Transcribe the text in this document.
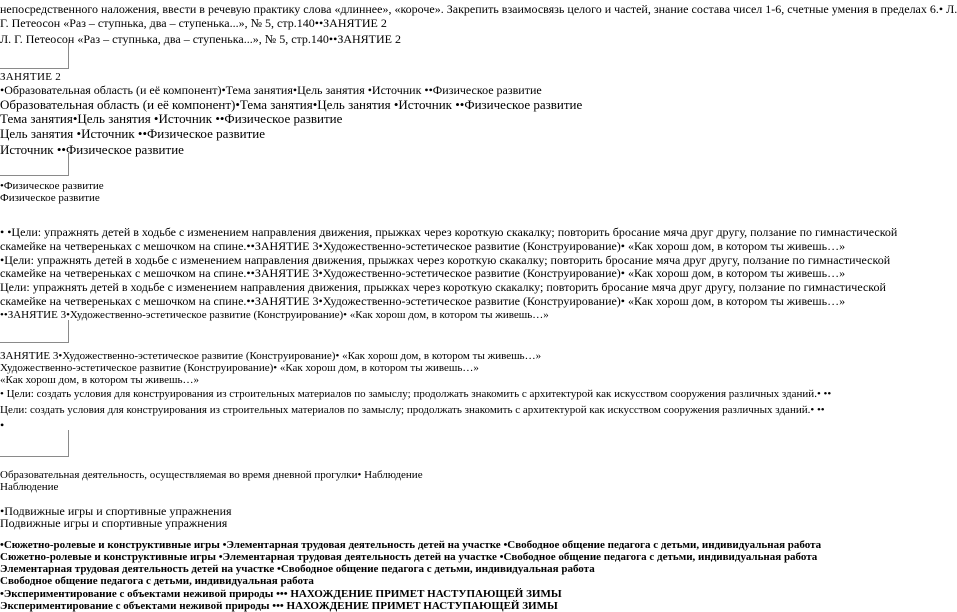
непосредственного наложения, ввести в речевую практику слова «длиннее», «короче». Закрепить взаимосвязь целого и частей, знание состава чисел 1-6, счетные умения в пределах 6.• Л.
Г. Петеосон «Раз – ступнька, два – ступенька...», № 5, стр.140••ЗАНЯТИЕ 2
Л. Г. Петеосон «Раз – ступнька, два – ступенька...», № 5, стр.140••ЗАНЯТИЕ 2
ЗАНЯТИЕ 2
•Образовательная область (и её компонент)•Тема занятия•Цель занятия •Источник ••Физическое развитие
Образовательная область (и её компонент)•Тема занятия•Цель занятия •Источник ••Физическое развитие
Тема занятия•Цель занятия •Источник ••Физическое развитие
Цель занятия •Источник ••Физическое развитие
Источник ••Физическое развитие
•Физическое развитие
Физическое развитие
• •Цели: упражнять детей в ходьбе с изменением направления движения, прыжках через короткую скакалку; повторить бросание мяча друг другу, ползание по гимнастической
скамейке на четвереньках с мешочком на спине.••ЗАНЯТИЕ 3•Художественно-эстетическое развитие (Конструирование)• «Как хорош дом, в котором ты живешь…»
•Цели: упражнять детей в ходьбе с изменением направления движения, прыжках через короткую скакалку; повторить бросание мяча друг другу, ползание по гимнастической
скамейке на четвереньках с мешочком на спине.••ЗАНЯТИЕ 3•Художественно-эстетическое развитие (Конструирование)• «Как хорош дом, в котором ты живешь…»
Цели: упражнять детей в ходьбе с изменением направления движения, прыжках через короткую скакалку; повторить бросание мяча друг другу, ползание по гимнастической
скамейке на четвереньках с мешочком на спине.••ЗАНЯТИЕ 3•Художественно-эстетическое развитие (Конструирование)• «Как хорош дом, в котором ты живешь…»
••ЗАНЯТИЕ 3•Художественно-эстетическое развитие (Конструирование)• «Как хорош дом, в котором ты живешь…»
ЗАНЯТИЕ 3•Художественно-эстетическое развитие (Конструирование)• «Как хорош дом, в котором ты живешь…»
Художественно-эстетическое развитие (Конструирование)• «Как хорош дом, в котором ты живешь…»
«Как хорош дом, в котором ты живешь…»
• Цели: создать условия для конструирования из строительных материалов по замыслу; продолжать знакомить с архитектурой как искусством сооружения различных зданий.• ••
Цели: создать условия для конструирования из строительных материалов по замыслу; продолжать знакомить с архитектурой как искусством сооружения различных зданий.• ••
•
Образовательная деятельность, осуществляемая во время дневной прогулки• Наблюдение
Наблюдение
•Подвижные игры и спортивные упражнения
Подвижные игры и спортивные упражнения
•Сюжетно-ролевые и конструктивные игры •Элементарная трудовая деятельность детей на участке •Свободное общение педагога с детьми, индивидуальная работа
Сюжетно-ролевые и конструктивные игры •Элементарная трудовая деятельность детей на участке •Свободное общение педагога с детьми, индивидуальная работа
Элементарная трудовая деятельность детей на участке •Свободное общение педагога с детьми, индивидуальная работа
Свободное общение педагога с детьми, индивидуальная работа
•Экспериментирование с объектами неживой природы ••• НАХОЖДЕНИЕ ПРИМЕТ НАСТУПАЮЩЕЙ ЗИМЫ
Экспериментирование с объектами неживой природы ••• НАХОЖДЕНИЕ ПРИМЕТ НАСТУПАЮЩЕЙ ЗИМЫ
